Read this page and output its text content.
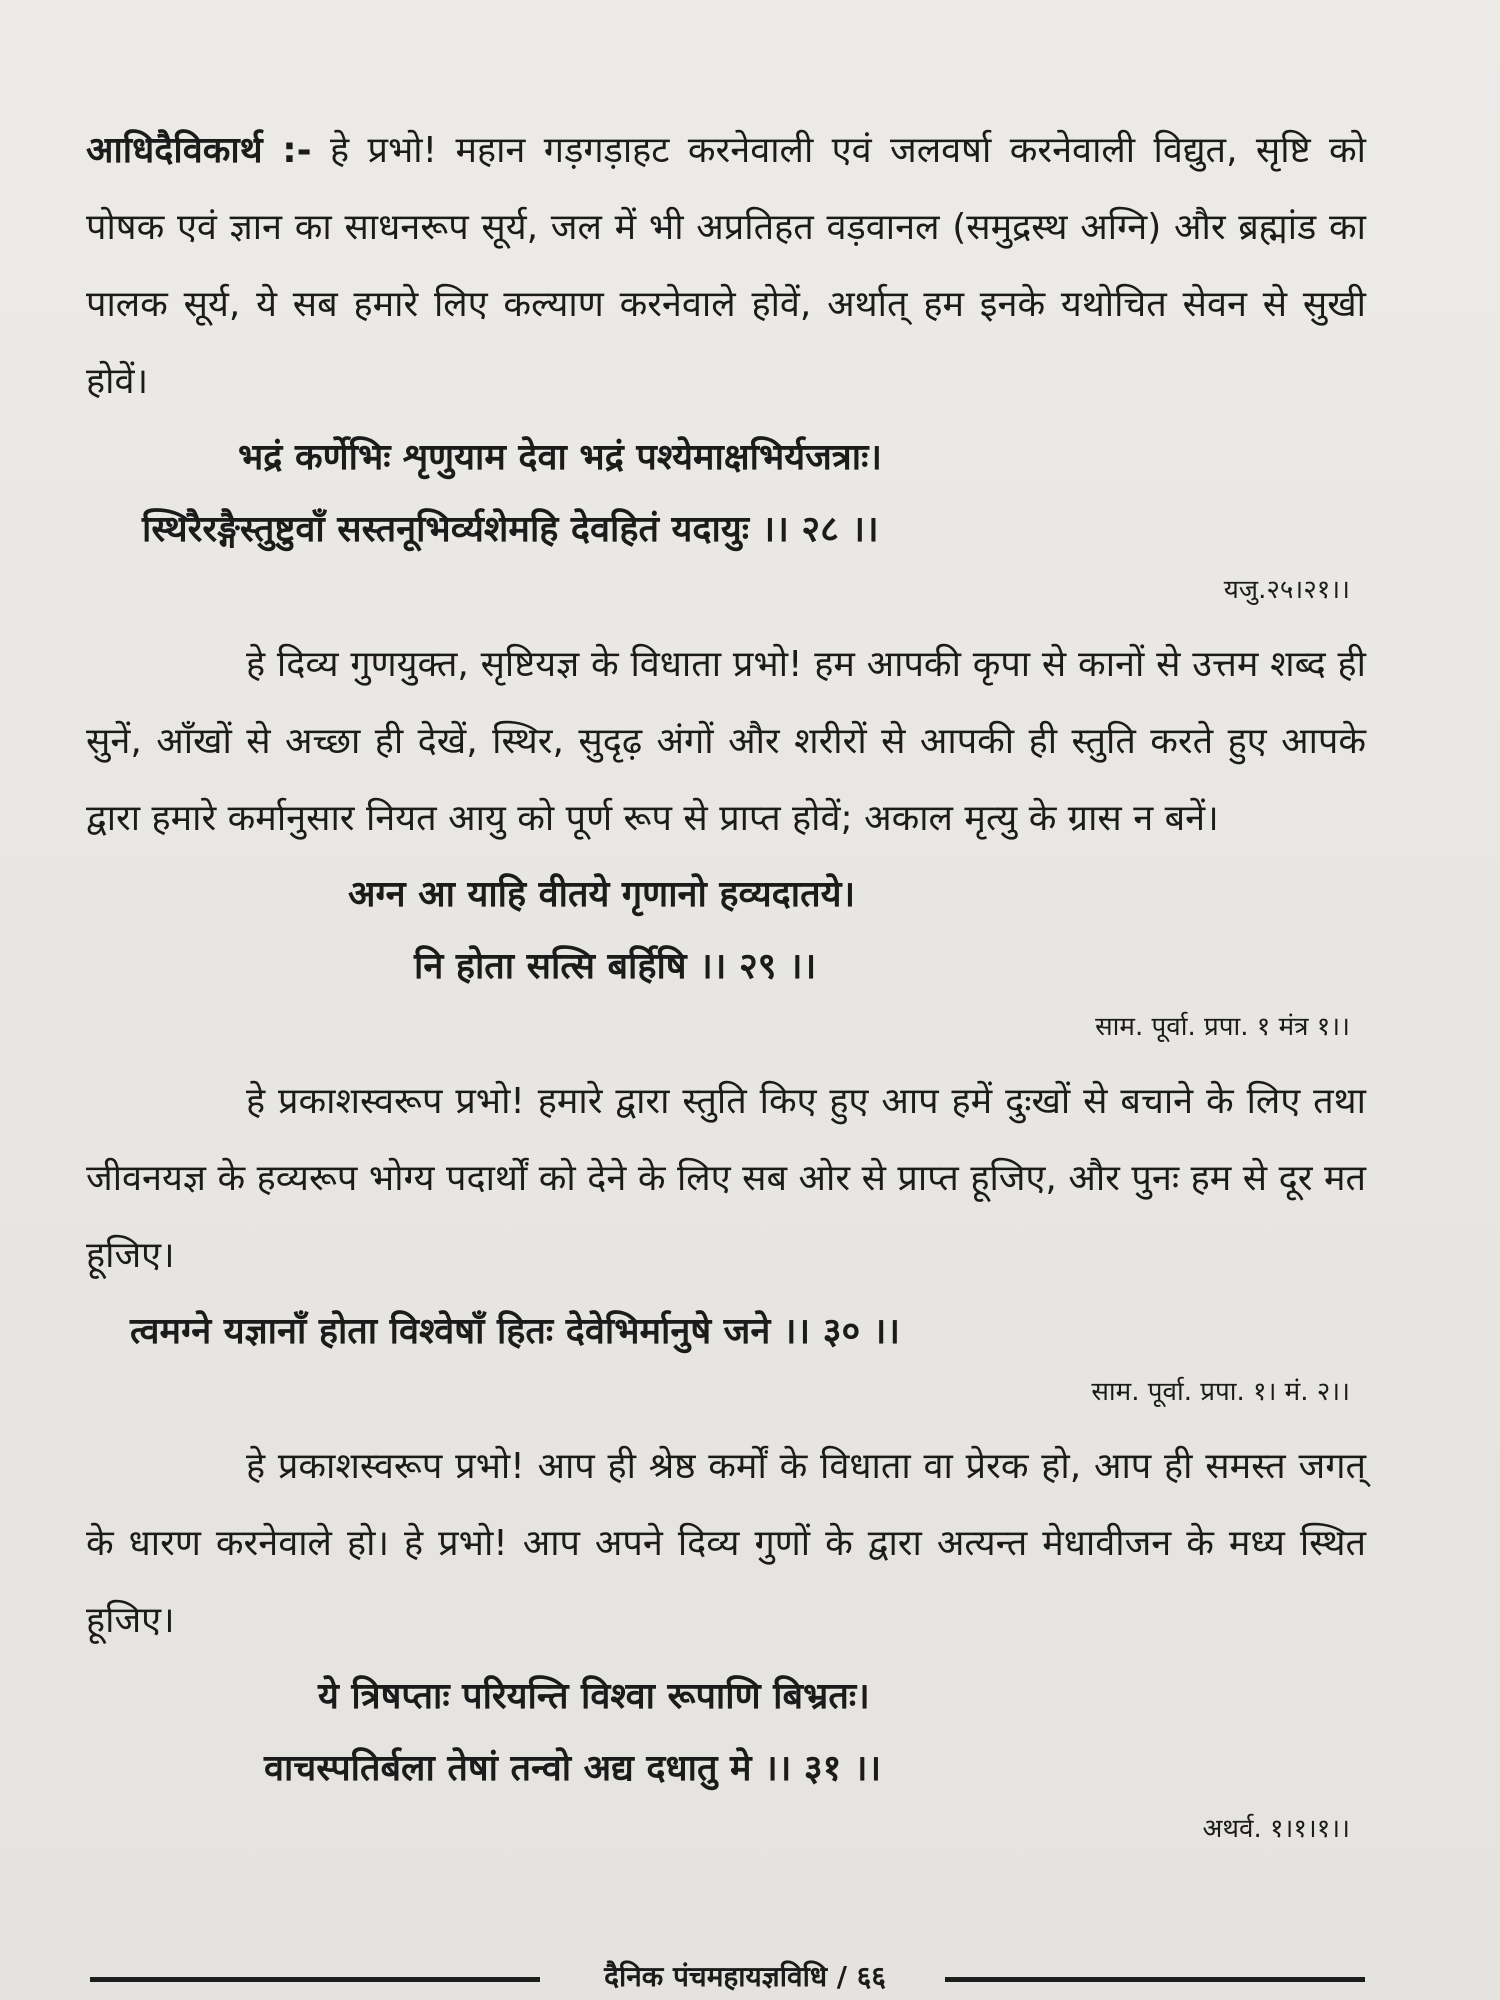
आधिदैविकार्थ :- हे प्रभो! महान गड़गड़ाहट करनेवाली एवं जलवर्षा करनेवाली विद्युत, सृष्टि को पोषक एवं ज्ञान का साधनरूप सूर्य, जल में भी अप्रतिहत वड़वानल (समुद्रस्थ अग्नि) और ब्रह्मांड का पालक सूर्य, ये सब हमारे लिए कल्याण करनेवाले होवें, अर्थात् हम इनके यथोचित सेवन से सुखी होवें।

भद्रं कर्णेभिः शृणुयाम देवा भद्रं पश्येमाक्षभिर्यजत्राः।
स्थिरैरङ्गैस्तुष्टुवाँ सस्तनूभिर्व्यशेमहि देवहितं यदायुः ।। २८ ।।
यजु.२५।२१।।

हे दिव्य गुणयुक्त, सृष्टियज्ञ के विधाता प्रभो! हम आपकी कृपा से कानों से उत्तम शब्द ही सुनें, आँखों से अच्छा ही देखें, स्थिर, सुदृढ़ अंगों और शरीरों से आपकी ही स्तुति करते हुए आपके द्वारा हमारे कर्मानुसार नियत आयु को पूर्ण रूप से प्राप्त होवें; अकाल मृत्यु के ग्रास न बनें।

अग्न आ याहि वीतये गृणानो हव्यदातये।
नि होता सत्सि बर्हिषि ।। २९ ।।
साम. पूर्वा. प्रपा. १ मंत्र १।।

हे प्रकाशस्वरूप प्रभो! हमारे द्वारा स्तुति किए हुए आप हमें दुःखों से बचाने के लिए तथा जीवनयज्ञ के हव्यरूप भोग्य पदार्थों को देने के लिए सब ओर से प्राप्त हूजिए, और पुनः हम से दूर मत हूजिए।

त्वमग्ने यज्ञानाँ होता विश्वेषाँ हितः देवेभिर्मानुषे जने ।। ३० ।।
साम. पूर्वा. प्रपा. १। मं. २।।

हे प्रकाशस्वरूप प्रभो! आप ही श्रेष्ठ कर्मों के विधाता वा प्रेरक हो, आप ही समस्त जगत् के धारण करनेवाले हो। हे प्रभो! आप अपने दिव्य गुणों के द्वारा अत्यन्त मेधावीजन के मध्य स्थित हूजिए।

ये त्रिषप्ताः परियन्ति विश्वा रूपाणि बिभ्रतः।
वाचस्पतिर्बला तेषां तन्वो अद्य दधातु मे ।। ३१ ।।
अथर्व. १।१।१।।
दैनिक पंचमहायज्ञविधि / ६६
